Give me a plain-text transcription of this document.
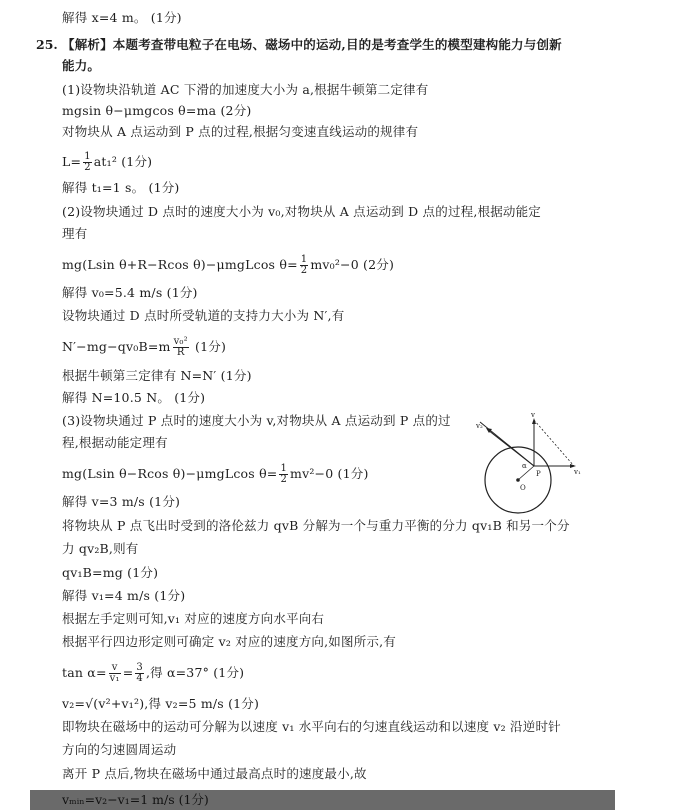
解得 x=4 m。 (1分)
25. 【解析】本题考查带电粒子在电场、磁场中的运动,目的是考查学生的模型建构能力与创新
能力。
(1)设物块沿轨道 AC 下滑的加速度大小为 a,根据牛顿第二定律有
mgsin θ−μmgcos θ=ma (2分)
对物块从 A 点运动到 P 点的过程,根据匀变速直线运动的规律有
$L= \frac{1}{2} at_1^2$ (1分)
解得 t₁=1 s。 (1分)
(2)设物块通过 D 点时的速度大小为 v₀,对物块从 A 点运动到 D 点的过程,根据动能定
理有
mg(Lsin θ+R−Rcos θ)−μmgLcos $\theta= \frac{1}{2} mv_0^2-0$ (2分)
解得 v₀=5.4 m/s (1分)
设物块通过 D 点时所受轨道的支持力大小为 N′,有
$N'-mg-qv_0B=m \frac{\text{v₀²}}{R} (1$分)
根据牛顿第三定律有 N=N′ (1分)
解得 N=10.5 N。 (1分)
(3)设物块通过 P 点时的速度大小为 v,对物块从 A 点运动到 P 点的过
程,根据动能定理有
mg(Lsin θ−Rcos θ)−μmgLcos $\theta= \frac{1}{2} mv^2-0$ (1分)
解得 v=3 m/s (1分)
将物块从 P 点飞出时受到的洛伦兹力 qvB 分解为一个与重力平衡的分力 qv₁B 和另一个分
力 qv₂B,则有
qv₁B=mg (1分)
解得 v₁=4 m/s (1分)
根据左手定则可知,v₁ 对应的速度方向水平向右
根据平行四边形定则可确定 v₂ 对应的速度方向,如图所示,有
$\tan \alpha= \frac{v}{\text{v₁}} = \frac{3}{4}$ ,得 α=37° (1分)
v₂=√(v²+v₁²),得 v₂=5 m/s (1分)
即物块在磁场中的运动可分解为以速度 v₁ 水平向右的匀速直线运动和以速度 v₂ 沿逆时针
方向的匀速圆周运动
离开 P 点后,物块在磁场中通过最高点时的速度最小,故
vₘᵢₙ=v₂−v₁=1 m/s (1分)
v
v₁
v₂
α
P
O
